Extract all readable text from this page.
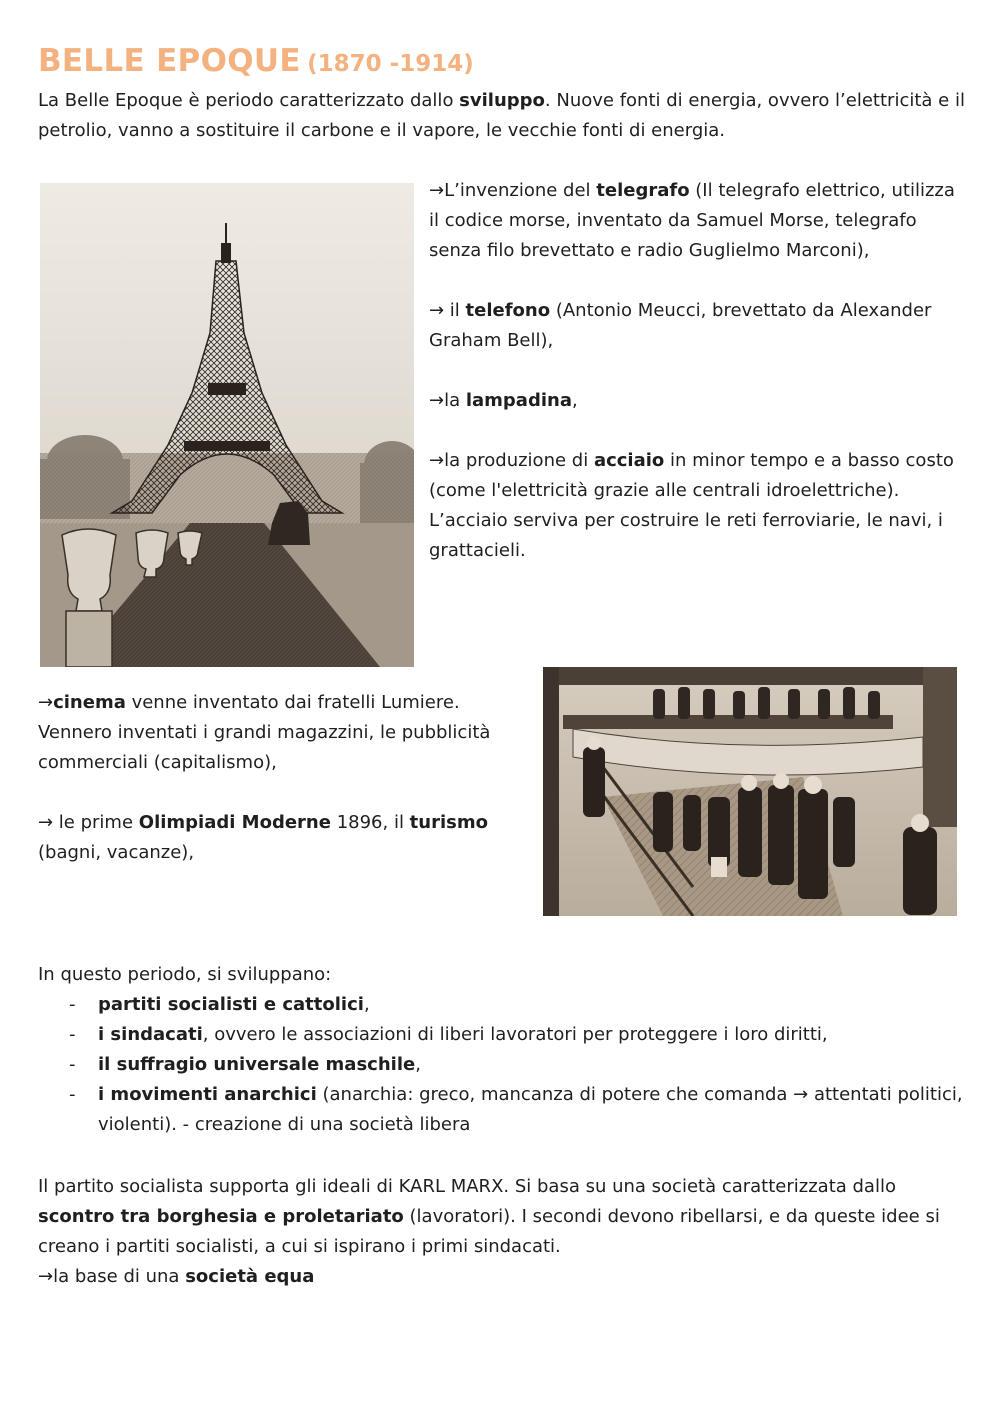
BELLE EPOQUE (1870 -1914)

La Belle Epoque è periodo caratterizzato dallo sviluppo. Nuove fonti di energia, ovvero l’elettricità e il petrolio, vanno a sostituire il carbone e il vapore, le vecchie fonti di energia.

→L’invenzione del telegrafo (Il telegrafo elettrico, utilizza il codice morse, inventato da Samuel Morse, telegrafo senza filo brevettato e radio Guglielmo Marconi),

→ il telefono (Antonio Meucci, brevettato da Alexander Graham Bell),

→la lampadina,

→la produzione di acciaio in minor tempo e a basso costo (come l'elettricità grazie alle centrali idroelettriche). L’acciaio serviva per costruire le reti ferroviarie, le navi, i grattacieli.

→cinema venne inventato dai fratelli Lumiere. Vennero inventati i grandi magazzini, le pubblicità commerciali (capitalismo),

→ le prime Olimpiadi Moderne 1896, il turismo (bagni, vacanze),

In questo periodo, si sviluppano:

- partiti socialisti e cattolici,
- i sindacati, ovvero le associazioni di liberi lavoratori per proteggere i loro diritti,
- il suffragio universale maschile,
- i movimenti anarchici (anarchia: greco, mancanza di potere che comanda → attentati politici, violenti). - creazione di una società libera

Il partito socialista supporta gli ideali di KARL MARX. Si basa su una società caratterizzata dallo scontro tra borghesia e proletariato (lavoratori). I secondi devono ribellarsi, e da queste idee si creano i partiti socialisti, a cui si ispirano i primi sindacati.

→la base di una società equa
